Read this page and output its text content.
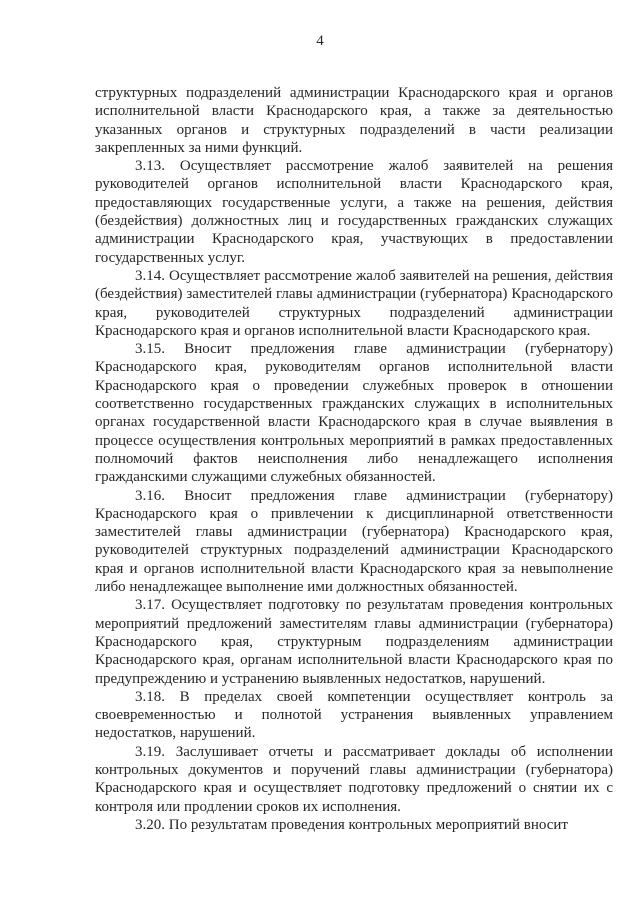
4

структурных подразделений администрации Краснодарского края и органов исполнительной власти Краснодарского края, а также за деятельностью указанных органов и структурных подразделений в части реализации закрепленных за ними функций.

3.13. Осуществляет рассмотрение жалоб заявителей на решения руководителей органов исполнительной власти Краснодарского края, предоставляющих государственные услуги, а также на решения, действия (бездействия) должностных лиц и государственных гражданских служащих администрации Краснодарского края, участвующих в предоставлении государственных услуг.

3.14. Осуществляет рассмотрение жалоб заявителей на решения, действия (бездействия) заместителей главы администрации (губернатора) Краснодарского края, руководителей структурных подразделений администрации Краснодарского края и органов исполнительной власти Краснодарского края.

3.15. Вносит предложения главе администрации (губернатору) Краснодарского края, руководителям органов исполнительной власти Краснодарского края о проведении служебных проверок в отношении соответственно государственных гражданских служащих в исполнительных органах государственной власти Краснодарского края в случае выявления в процессе осуществления контрольных мероприятий в рамках предоставленных полномочий фактов неисполнения либо ненадлежащего исполнения гражданскими служащими служебных обязанностей.

3.16. Вносит предложения главе администрации (губернатору) Краснодарского края о привлечении к дисциплинарной ответственности заместителей главы администрации (губернатора) Краснодарского края, руководителей структурных подразделений администрации Краснодарского края и органов исполнительной власти Краснодарского края за невыполнение либо ненадлежащее выполнение ими должностных обязанностей.

3.17. Осуществляет подготовку по результатам проведения контрольных мероприятий предложений заместителям главы администрации (губернатора) Краснодарского края, структурным подразделениям администрации Краснодарского края, органам исполнительной власти Краснодарского края по предупреждению и устранению выявленных недостатков, нарушений.

3.18. В пределах своей компетенции осуществляет контроль за своевременностью и полнотой устранения выявленных управлением недостатков, нарушений.

3.19. Заслушивает отчеты и рассматривает доклады об исполнении контрольных документов и поручений главы администрации (губернатора) Краснодарского края и осуществляет подготовку предложений о снятии их с контроля или продлении сроков их исполнения.

3.20. По результатам проведения контрольных мероприятий вносит
